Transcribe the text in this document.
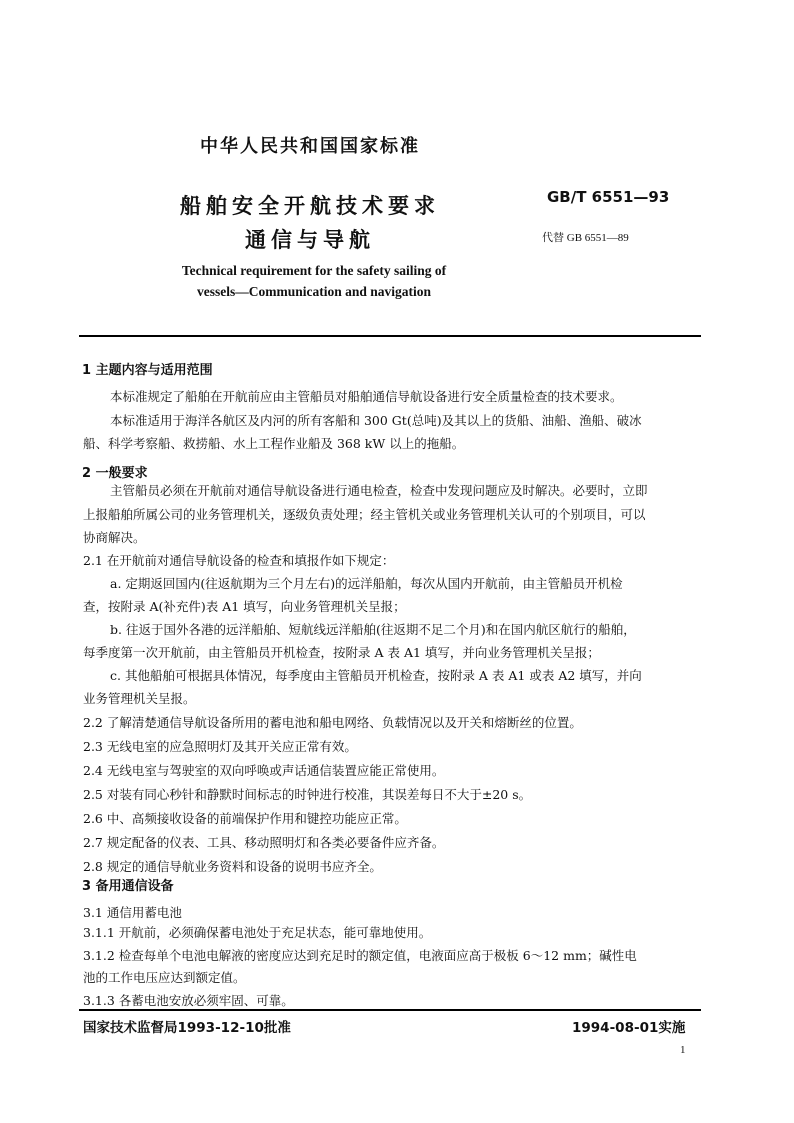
中华人民共和国国家标准
船舶安全开航技术要求
通信与导航
GB/T 6551—93
代替 GB 6551—89
Technical requirement for the safety sailing of
vessels—Communication and navigation
1 主题内容与适用范围
本标准规定了船舶在开航前应由主管船员对船舶通信导航设备进行安全质量检查的技术要求。
本标准适用于海洋各航区及内河的所有客船和 300 Gt(总吨)及其以上的货船、油船、渔船、破冰
船、科学考察船、救捞船、水上工程作业船及 368 kW 以上的拖船。
2 一般要求
主管船员必须在开航前对通信导航设备进行通电检查，检查中发现问题应及时解决。必要时，立即
上报船舶所属公司的业务管理机关，逐级负责处理；经主管机关或业务管理机关认可的个别项目，可以
协商解决。
2.1 在开航前对通信导航设备的检查和填报作如下规定：
a. 定期返回国内(往返航期为三个月左右)的远洋船舶，每次从国内开航前，由主管船员开机检
查，按附录 A(补充件)表 A1 填写，向业务管理机关呈报；
b. 往返于国外各港的远洋船舶、短航线远洋船舶(往返期不足二个月)和在国内航区航行的船舶，
每季度第一次开航前，由主管船员开机检查，按附录 A 表 A1 填写，并向业务管理机关呈报；
c. 其他船舶可根据具体情况，每季度由主管船员开机检查，按附录 A 表 A1 或表 A2 填写，并向
业务管理机关呈报。
2.2 了解清楚通信导航设备所用的蓄电池和船电网络、负载情况以及开关和熔断丝的位置。
2.3 无线电室的应急照明灯及其开关应正常有效。
2.4 无线电室与驾驶室的双向呼唤或声话通信装置应能正常使用。
2.5 对装有同心秒针和静默时间标志的时钟进行校准，其误差每日不大于±20 s。
2.6 中、高频接收设备的前端保护作用和键控功能应正常。
2.7 规定配备的仪表、工具、移动照明灯和各类必要备件应齐备。
2.8 规定的通信导航业务资料和设备的说明书应齐全。
3 备用通信设备
3.1 通信用蓄电池
3.1.1 开航前，必须确保蓄电池处于充足状态，能可靠地使用。
3.1.2 检查每单个电池电解液的密度应达到充足时的额定值，电液面应高于极板 6～12 mm；碱性电
国家技术监督局1993-12-10批准	1994-08-01实施
1
池的工作电压应达到额定值。
3.1.3 各蓄电池安放必须牢固、可靠。
